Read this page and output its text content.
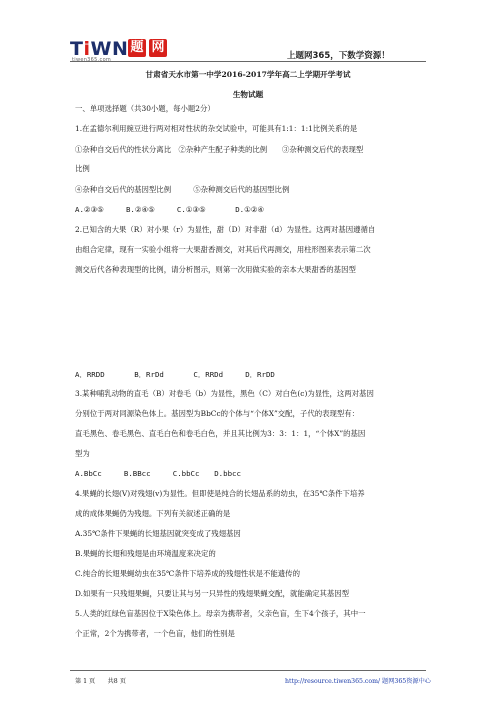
TiWN
tiwen365.com
题 网
上题网365，下数学资源！
甘肃省天水市第一中学2016-2017学年高二上学期开学考试
生物试题
一、单项选择题（共30小题，每小题2分）
1.在孟德尔利用豌豆进行两对相对性状的杂交试验中，可能具有1:1：1:1比例关系的是
①杂种自交后代的性状分离比　②杂种产生配子种类的比例　　③杂种测交后代的表现型
比例
④杂种自交后代的基因型比例　　　⑤杂种测交后代的基因型比例
A.②③⑤　　　B.②④⑤　　　C.①③⑤　　　　D.①②④
2.已知含的大果（R）对小果（r）为显性，甜（D）对非甜（d）为显性。这两对基因遵循自
由组合定律，现有一实验小组将一大果甜香测交，对其后代再测交，用柱形图来表示第二次
测交后代各种表现型的比例，请分析图示，则第一次用做实验的亲本大果甜香的基因型
A．RRDD　　　　B．RrDd　　　　C．RRDd　　　D．RrDD
3.某种哺乳动物的直毛（B）对卷毛（b）为显性，黑色（C）对白色(c)为显性，这两对基因
分别位于两对同源染色体上。基因型为BbCc的个体与“个体X”交配，子代的表现型有：
直毛黑色、卷毛黑色、直毛白色和卷毛白色，并且其比例为3：3：1：1，“个体X”的基因
型为
A.BbCc　　　B.BBcc　　　C.bbCc　　D.bbcc
4.果蝇的长翅(V)对残翅(v)为显性。但即使是纯合的长翅品系的幼虫，在35℃条件下培养
成的成体果蝇仍为残翅。下列有关叙述正确的是
A.35℃条件下果蝇的长翅基因就突变成了残翅基因
B.果蝇的长翅和残翅是由环境温度来决定的
C.纯合的长翅果蝇幼虫在35℃条件下培养成的残翅性状是不能遗传的
D.如果有一只残翅果蝇，只要让其与另一只异性的残翅果蝇交配，就能确定其基因型
5.人类的红绿色盲基因位于X染色体上。母亲为携带者，父亲色盲，生下4个孩子，其中一
个正常，2个为携带者，一个色盲，他们的性别是
第 1 页　　共8 页	http://resource.tiwen365.com/ 题网365资源中心
